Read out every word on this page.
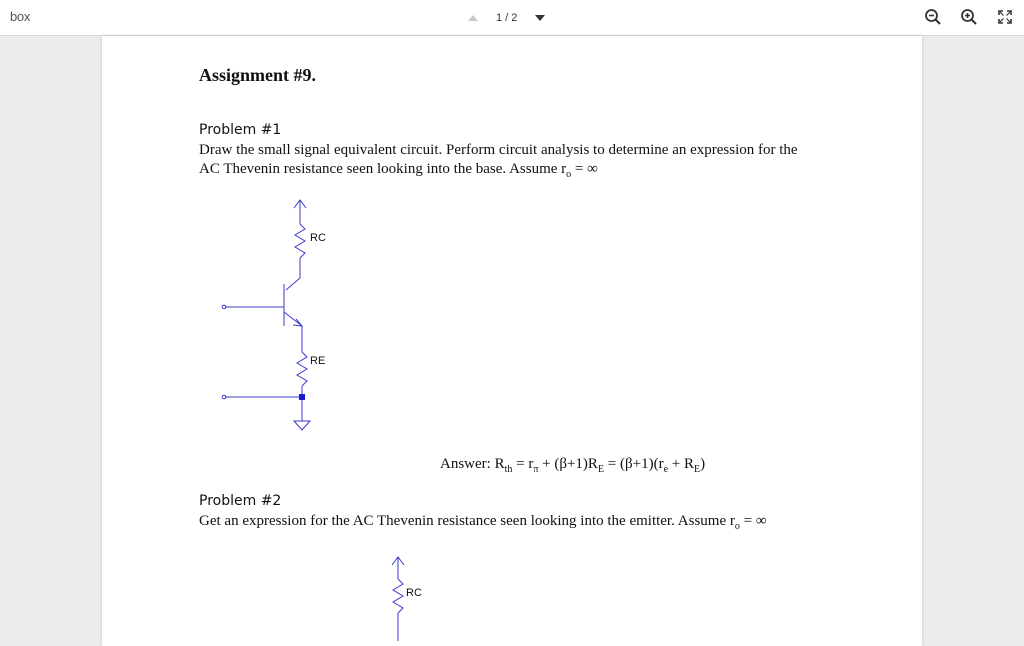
box	1 / 2
Assignment #9.
Problem #1
Draw the small signal equivalent circuit. Perform circuit analysis to determine an expression for the
AC Thevenin resistance seen looking into the base. Assume $r_o$ = ∞
RC
RE
Answer: $R_{th} = r_\pi + (\beta+1)R_E = (\beta+1)(r_e + R_E)$
Problem #2
Get an expression for the AC Thevenin resistance seen looking into the emitter. Assume $r_o$ = ∞
RC
